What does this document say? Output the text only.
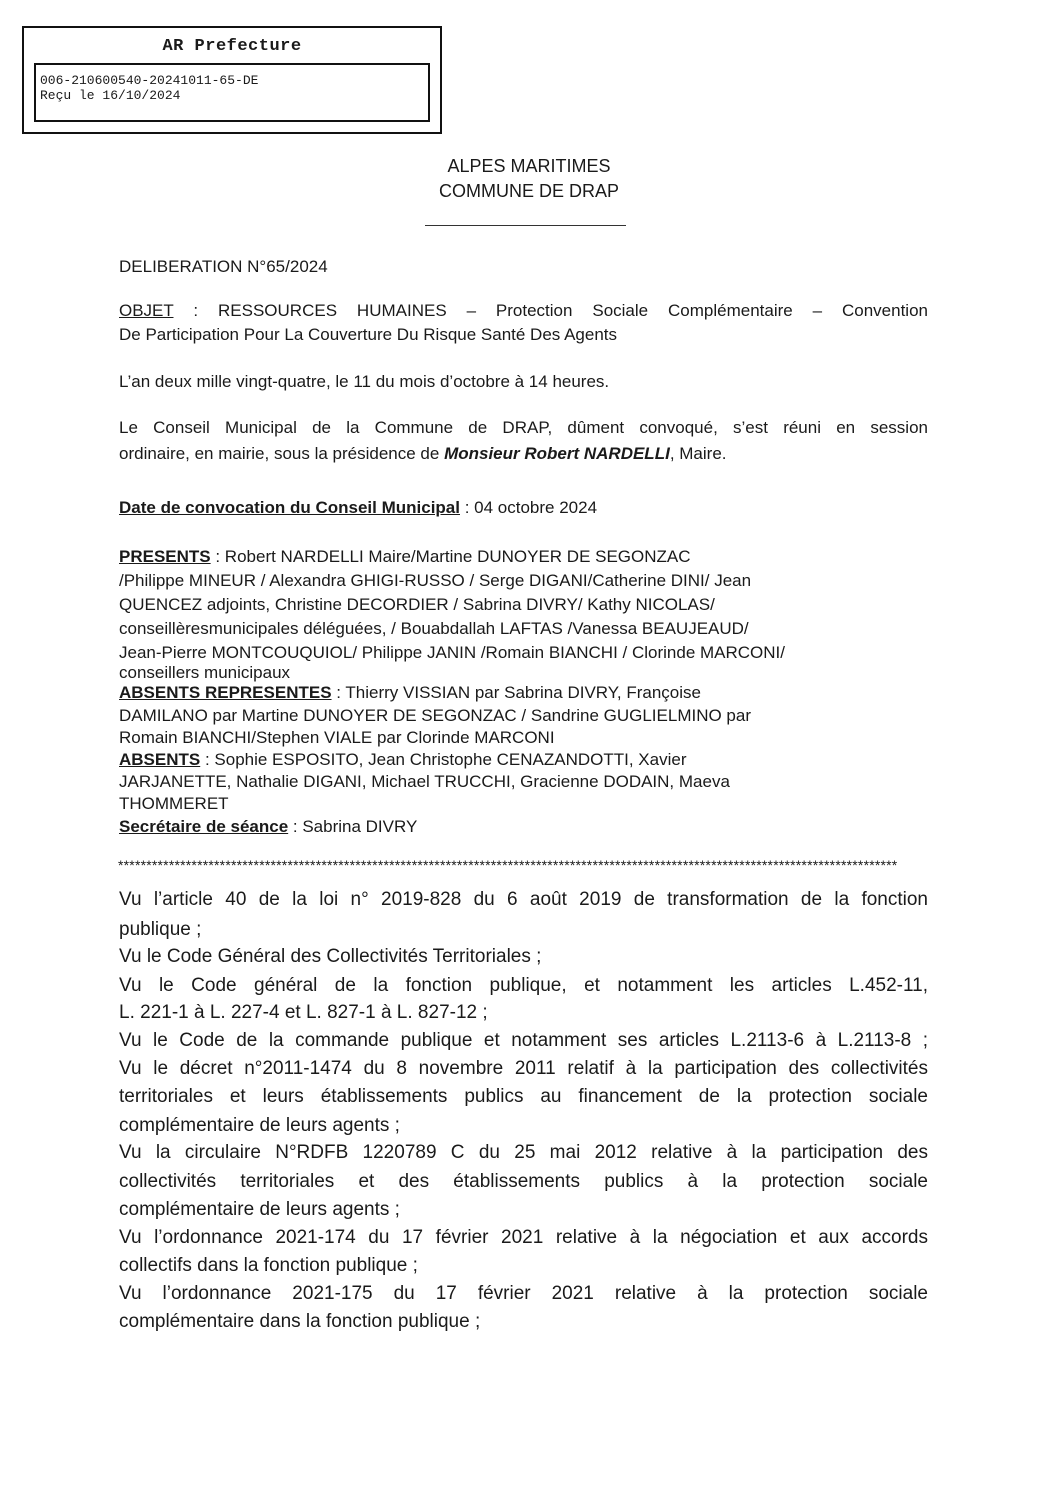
AR Prefecture
006-210600540-20241011-65-DE
Reçu le 16/10/2024
ALPES MARITIMES
COMMUNE DE DRAP
DELIBERATION N°65/2024
OBJET : RESSOURCES HUMAINES – Protection Sociale Complémentaire – Convention
De Participation Pour La Couverture Du Risque Santé Des Agents
L’an deux mille vingt-quatre, le 11 du mois d’octobre à 14 heures.
Le Conseil Municipal de la Commune de DRAP, dûment convoqué, s’est réuni en session
ordinaire, en mairie, sous la présidence de Monsieur Robert NARDELLI, Maire.
Date de convocation du Conseil Municipal : 04 octobre 2024
PRESENTS : Robert NARDELLI Maire/Martine DUNOYER DE SEGONZAC
/Philippe MINEUR / Alexandra GHIGI-RUSSO / Serge DIGANI/Catherine DINI/ Jean
QUENCEZ adjoints, Christine DECORDIER / Sabrina DIVRY/ Kathy NICOLAS/
conseillèresmunicipales déléguées, / Bouabdallah LAFTAS /Vanessa BEAUJEAUD/
Jean-Pierre MONTCOUQUIOL/ Philippe JANIN /Romain BIANCHI / Clorinde MARCONI/
conseillers municipaux
ABSENTS REPRESENTES : Thierry VISSIAN par Sabrina DIVRY, Françoise
DAMILANO par Martine DUNOYER DE SEGONZAC / Sandrine GUGLIELMINO par
Romain BIANCHI/Stephen VIALE par Clorinde MARCONI
ABSENTS : Sophie ESPOSITO, Jean Christophe CENAZANDOTTI, Xavier
JARJANETTE, Nathalie DIGANI, Michael TRUCCHI, Gracienne DODAIN, Maeva
THOMMERET
Secrétaire de séance : Sabrina DIVRY
******************************************************************************************************************************************
Vu l’article 40 de la loi n° 2019-828 du 6 août 2019 de transformation de la fonction
publique ;
Vu le Code Général des Collectivités Territoriales ;
Vu le Code général de la fonction publique, et notamment les articles L.452-11,
L. 221-1 à L. 227-4 et L. 827-1 à L. 827-12 ;
Vu le Code de la commande publique et notamment ses articles L.2113-6 à L.2113-8 ;
Vu le décret n°2011-1474 du 8 novembre 2011 relatif à la participation des collectivités
territoriales et leurs établissements publics au financement de la protection sociale
complémentaire de leurs agents ;
Vu la circulaire N°RDFB 1220789 C du 25 mai 2012 relative à la participation des
collectivités territoriales et des établissements publics à la protection sociale
complémentaire de leurs agents ;
Vu l’ordonnance 2021-174 du 17 février 2021 relative à la négociation et aux accords
collectifs dans la fonction publique ;
Vu l’ordonnance 2021-175 du 17 février 2021 relative à la protection sociale
complémentaire dans la fonction publique ;
